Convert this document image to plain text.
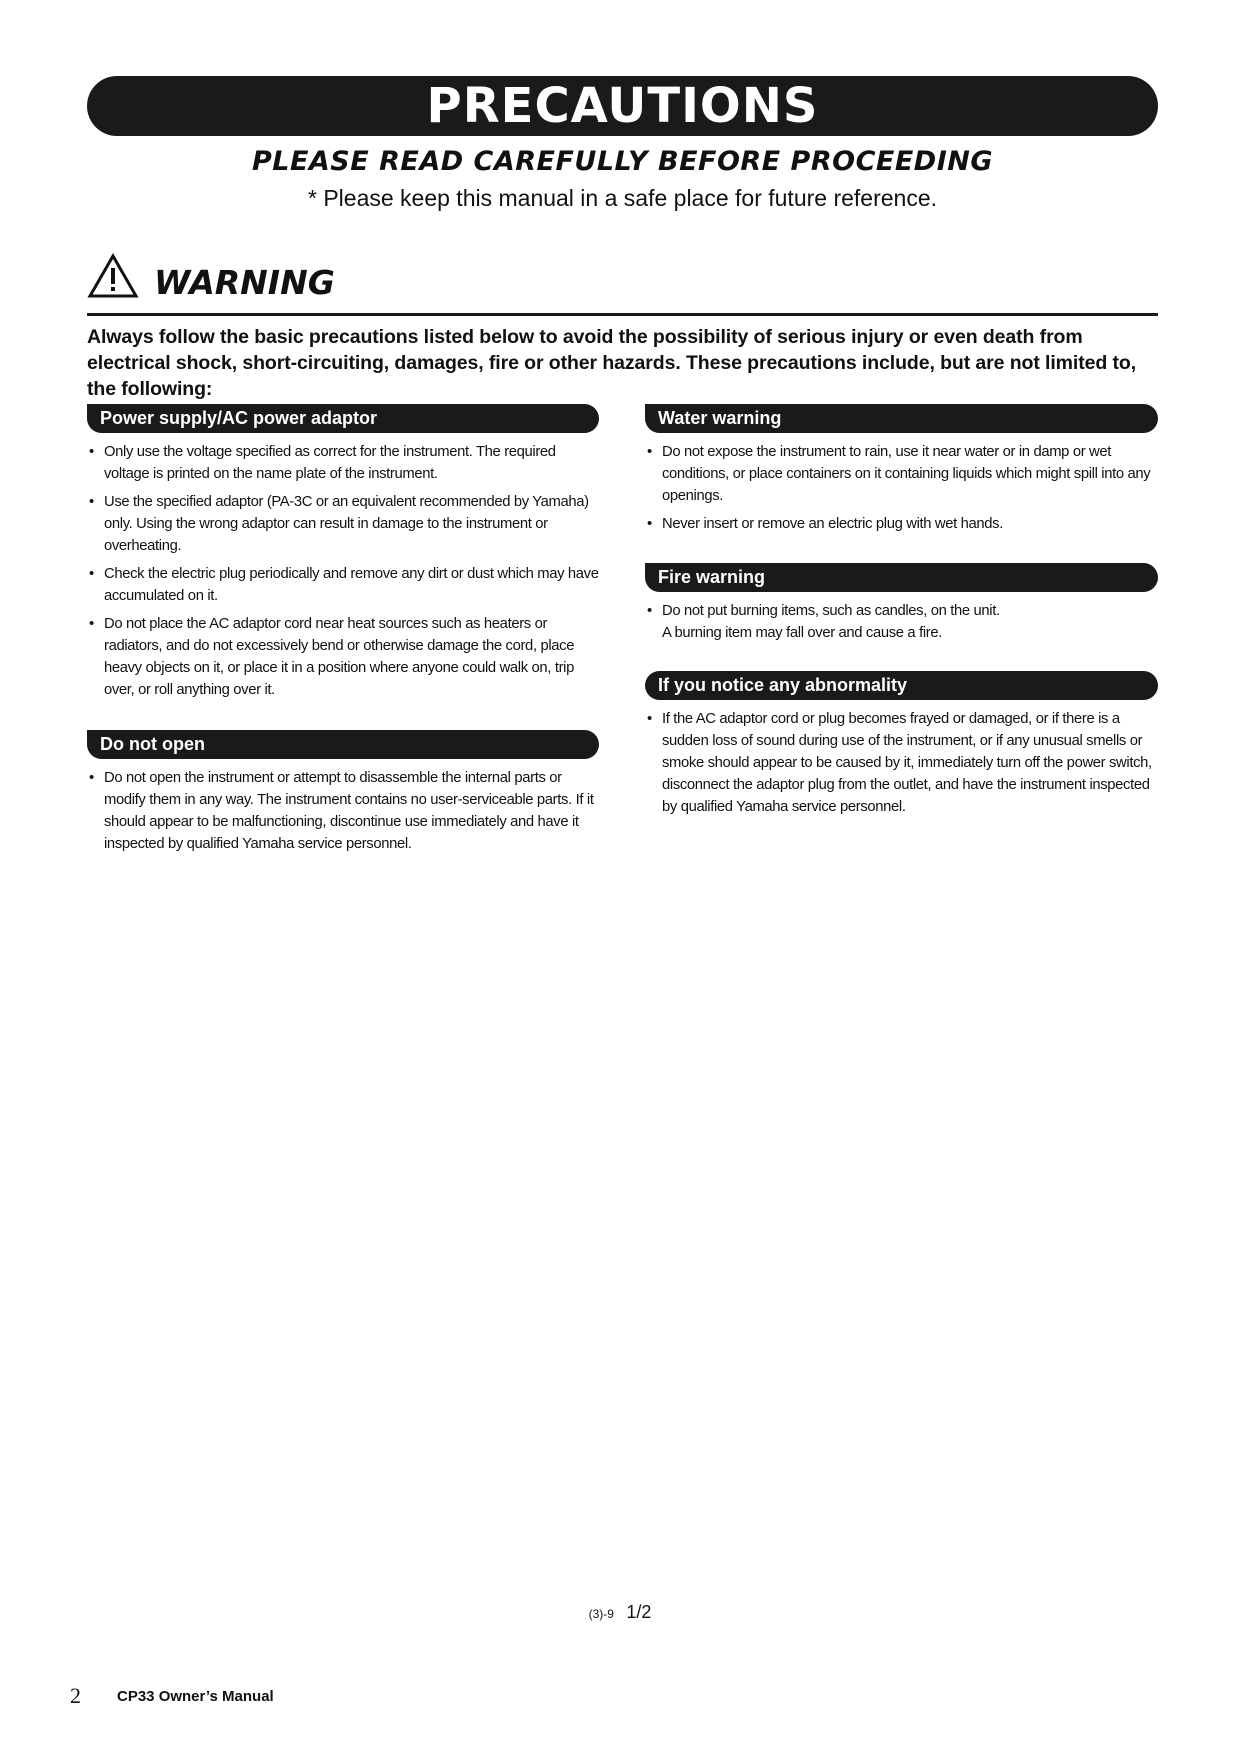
PRECAUTIONS
PLEASE READ CAREFULLY BEFORE PROCEEDING
* Please keep this manual in a safe place for future reference.
WARNING
Always follow the basic precautions listed below to avoid the possibility of serious injury or even death from electrical shock, short-circuiting, damages, fire or other hazards. These precautions include, but are not limited to, the following:
Power supply/AC power adaptor
• Only use the voltage specified as correct for the instrument. The required voltage is printed on the name plate of the instrument.
• Use the specified adaptor (PA-3C or an equivalent recommended by Yamaha) only. Using the wrong adaptor can result in damage to the instrument or overheating.
• Check the electric plug periodically and remove any dirt or dust which may have accumulated on it.
• Do not place the AC adaptor cord near heat sources such as heaters or radiators, and do not excessively bend or otherwise damage the cord, place heavy objects on it, or place it in a position where anyone could walk on, trip over, or roll anything over it.
Do not open
• Do not open the instrument or attempt to disassemble the internal parts or modify them in any way. The instrument contains no user-serviceable parts. If it should appear to be malfunctioning, discontinue use immediately and have it inspected by qualified Yamaha service personnel.
Water warning
• Do not expose the instrument to rain, use it near water or in damp or wet conditions, or place containers on it containing liquids which might spill into any openings.
• Never insert or remove an electric plug with wet hands.
Fire warning
• Do not put burning items, such as candles, on the unit.
A burning item may fall over and cause a fire.
If you notice any abnormality
• If the AC adaptor cord or plug becomes frayed or damaged, or if there is a sudden loss of sound during use of the instrument, or if any unusual smells or smoke should appear to be caused by it, immediately turn off the power switch, disconnect the adaptor plug from the outlet, and have the instrument inspected by qualified Yamaha service personnel.
(3)-9 1/2
2 CP33 Owner’s Manual
